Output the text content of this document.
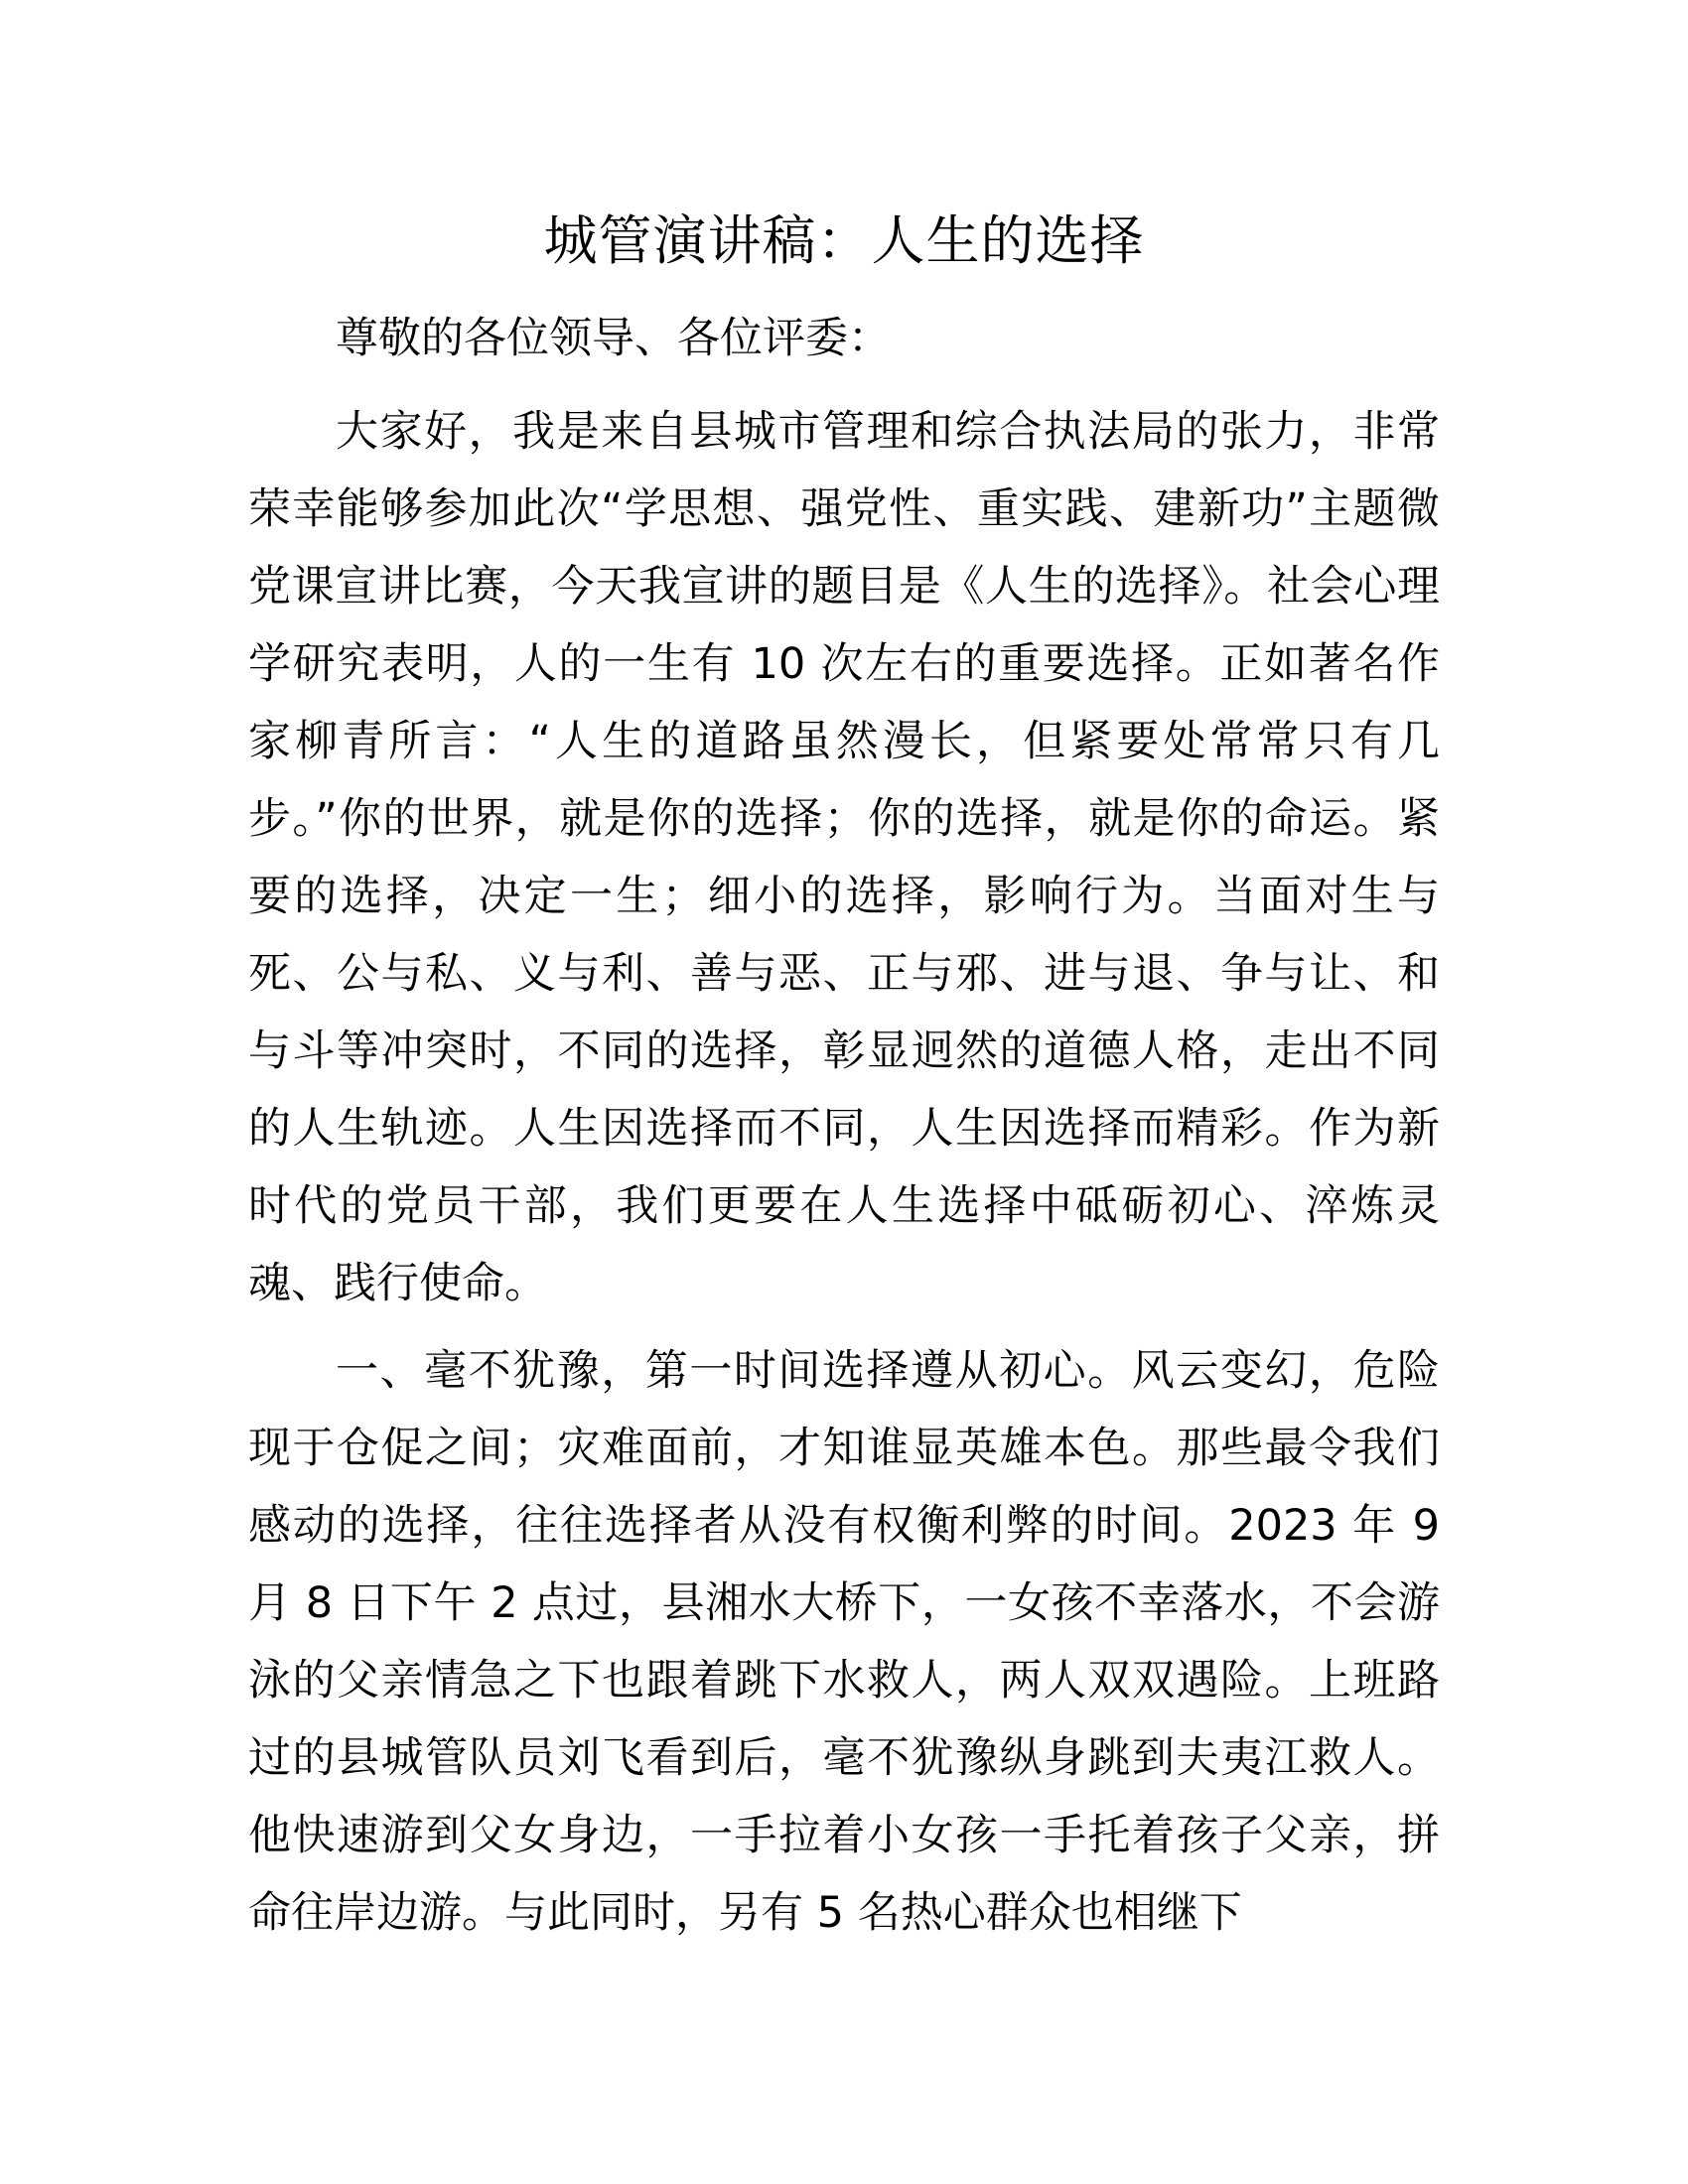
城管演讲稿：人生的选择

尊敬的各位领导、各位评委：

大家好，我是来自县城市管理和综合执法局的张力，非常荣幸能够参加此次“学思想、强党性、重实践、建新功”主题微党课宣讲比赛，今天我宣讲的题目是《人生的选择》。社会心理学研究表明，人的一生有 10 次左右的重要选择。正如著名作家柳青所言：“人生的道路虽然漫长，但紧要处常常只有几步。”你的世界，就是你的选择；你的选择，就是你的命运。紧要的选择，决定一生；细小的选择，影响行为。当面对生与死、公与私、义与利、善与恶、正与邪、进与退、争与让、和与斗等冲突时，不同的选择，彰显迥然的道德人格，走出不同的人生轨迹。人生因选择而不同，人生因选择而精彩。作为新时代的党员干部，我们更要在人生选择中砥砺初心、淬炼灵魂、践行使命。

一、毫不犹豫，第一时间选择遵从初心。风云变幻，危险现于仓促之间；灾难面前，才知谁显英雄本色。那些最令我们感动的选择，往往选择者从没有权衡利弊的时间。2023 年 9 月 8 日下午 2 点过，县湘水大桥下，一女孩不幸落水，不会游泳的父亲情急之下也跟着跳下水救人，两人双双遇险。上班路过的县城管队员刘飞看到后，毫不犹豫纵身跳到夫夷江救人。他快速游到父女身边，一手拉着小女孩一手托着孩子父亲，拼命往岸边游。与此同时，另有 5 名热心群众也相继下
